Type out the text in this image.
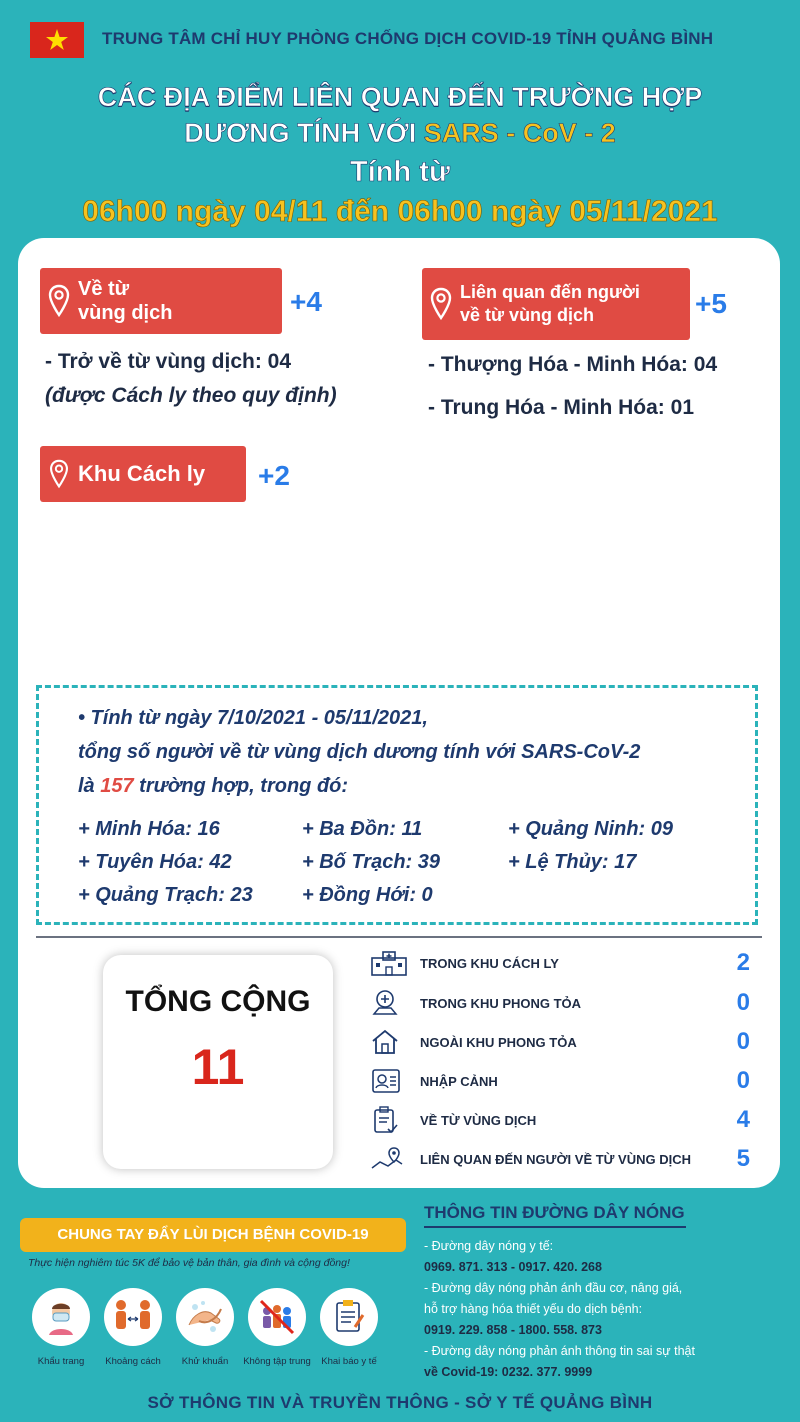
TRUNG TÂM CHỈ HUY PHÒNG CHỐNG DỊCH COVID-19 TỈNH QUẢNG BÌNH
CÁC ĐỊA ĐIỂM LIÊN QUAN ĐẾN TRƯỜNG HỢP
DƯƠNG TÍNH VỚI SARS - CoV - 2
Tính từ
06h00 ngày 04/11 đến 06h00 ngày 05/11/2021
Về từ
vùng dịch	+4	Liên quan đến người
về từ vùng dịch	+5
- Trở về từ vùng dịch: 04
(được Cách ly theo quy định)
- Thượng Hóa - Minh Hóa: 04
- Trung Hóa - Minh Hóa: 01
Khu Cách ly +2
• Tính từ ngày 7/10/2021 - 05/11/2021,
tổng số người về từ vùng dịch dương tính với SARS-CoV-2
là 157 trường hợp, trong đó:
+ Minh Hóa: 16	+ Ba Đồn: 11	+ Quảng Ninh: 09
+ Tuyên Hóa: 42	+ Bố Trạch: 39	+ Lệ Thủy: 17
+ Quảng Trạch: 23 + Đồng Hới: 0
TỔNG CỘNG
11
TRONG KHU CÁCH LY	2
TRONG KHU PHONG TỎA	0
NGOÀI KHU PHONG TỎA	0
NHẬP CẢNH	0
VỀ TỪ VÙNG DỊCH	4
LIÊN QUAN ĐẾN NGƯỜI VỀ TỪ VÙNG DỊCH	5
CHUNG TAY ĐẨY LÙI DỊCH BỆNH COVID-19
Thực hiện nghiêm túc 5K để bảo vệ bản thân, gia đình và cộng đồng!
Khẩu trang	Khoảng cách	Khử khuẩn	Không tập trung	Khai báo y tế
THÔNG TIN ĐƯỜNG DÂY NÓNG
- Đường dây nóng y tế:
0969. 871. 313 - 0917. 420. 268
- Đường dây nóng phản ánh đầu cơ, nâng giá,
hỗ trợ hàng hóa thiết yếu do dịch bệnh:
0919. 229. 858 - 1800. 558. 873
- Đường dây nóng phản ánh thông tin sai sự thật
về Covid-19: 0232. 377. 9999
SỞ THÔNG TIN VÀ TRUYỀN THÔNG - SỞ Y TẾ QUẢNG BÌNH
